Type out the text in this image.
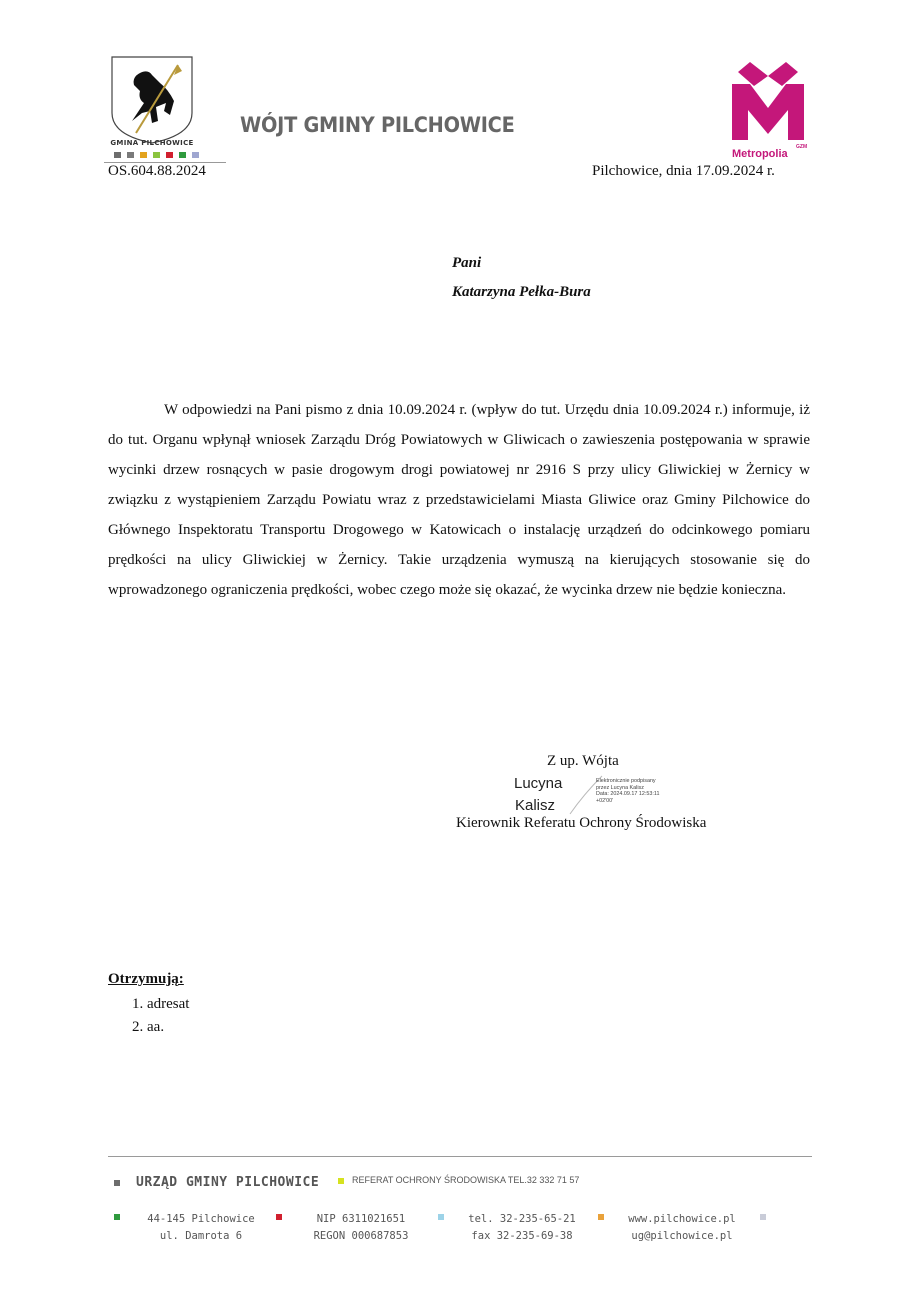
GMINA PILCHOWICE
WÓJT GMINY PILCHOWICE
Metropolia
GZM
OS.604.88.2024	Pilchowice, dnia 17.09.2024 r.
Pani
Katarzyna Pełka-Bura
W odpowiedzi na Pani pismo z dnia 10.09.2024 r. (wpływ do tut. Urzędu dnia 10.09.2024 r.) informuje, iż do tut. Organu wpłynął wniosek Zarządu Dróg Powiatowych w Gliwicach o zawieszenia postępowania w sprawie wycinki drzew rosnących w pasie drogowym drogi powiatowej nr 2916 S przy ulicy Gliwickiej w Żernicy w związku z wystąpieniem Zarządu Powiatu wraz z przedstawicielami Miasta Gliwice oraz Gminy Pilchowice do Głównego Inspektoratu Transportu Drogowego w Katowicach o instalację urządzeń do odcinkowego pomiaru prędkości na ulicy Gliwickiej w Żernicy. Takie urządzenia wymuszą na kierujących stosowanie się do wprowadzonego ograniczenia prędkości, wobec czego może się okazać, że wycinka drzew nie będzie konieczna.
Z up. Wójta
Lucyna
Kalisz
Elektronicznie podpisany
przez Lucyna Kalisz
Data: 2024.09.17 12:53:11
+02'00'
Kierownik Referatu Ochrony Środowiska
Otrzymują:
1. adresat
2. aa.
URZĄD GMINY PILCHOWICE	REFERAT OCHRONY ŚRODOWISKA TEL.32 332 71 57
44-145 Pilchowice
ul. Damrota 6
NIP 6311021651
REGON 000687853
tel. 32-235-65-21
fax 32-235-69-38
www.pilchowice.pl
ug@pilchowice.pl
